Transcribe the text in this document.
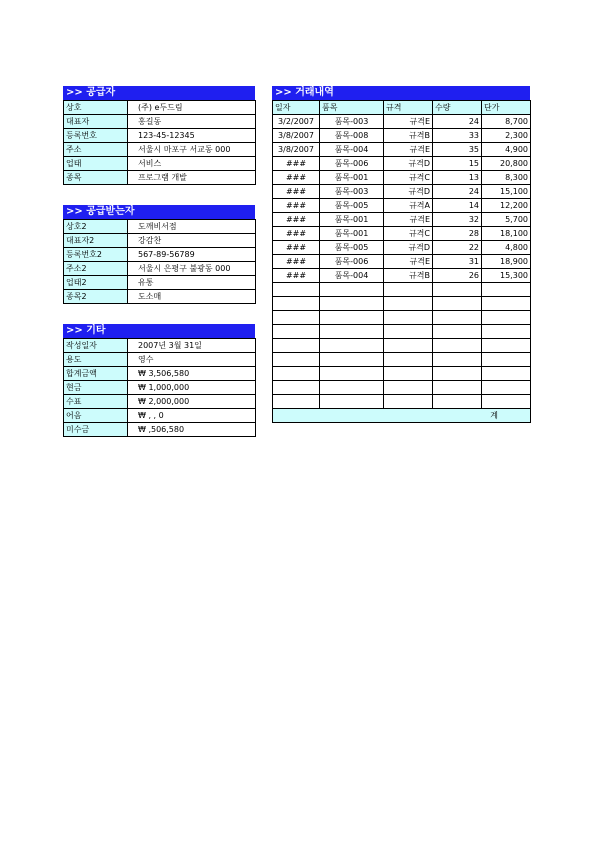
>> 공급자
상호	(주) e두드림
대표자	홍길동
등록번호	123-45-12345
주소	서울시 마포구 서교동 000
업태	서비스
종목	프로그램 개발
>> 공급받는자
상호2	도깨비서점
대표자2	강감찬
등록번호2	567-89-56789
주소2	서울시 은평구 불광동 000
업태2	유통
종목2	도소매
>> 기타
작성일자	2007년 3월 31일
용도	영수
합계금액	₩ 3,506,580
현금	₩ 1,000,000
수표	₩ 2,000,000
어음	₩ , , 0
미수금	₩ ,506,580
>> 거래내역
일자	품목	규격	수량	단가
3/2/2007	품목-003	규격E	24	8,700
3/8/2007	품목-008	규격B	33	2,300
3/8/2007	품목-004	규격E	35	4,900
###	품목-006	규격D	15	20,800
###	품목-001	규격C	13	8,300
###	품목-003	규격D	24	15,100
###	품목-005	규격A	14	12,200
###	품목-001	규격E	32	5,700
###	품목-001	규격C	28	18,100
###	품목-005	규격D	22	4,800
###	품목-006	규격E	31	18,900
###	품목-004	규격B	26	15,300

계				
